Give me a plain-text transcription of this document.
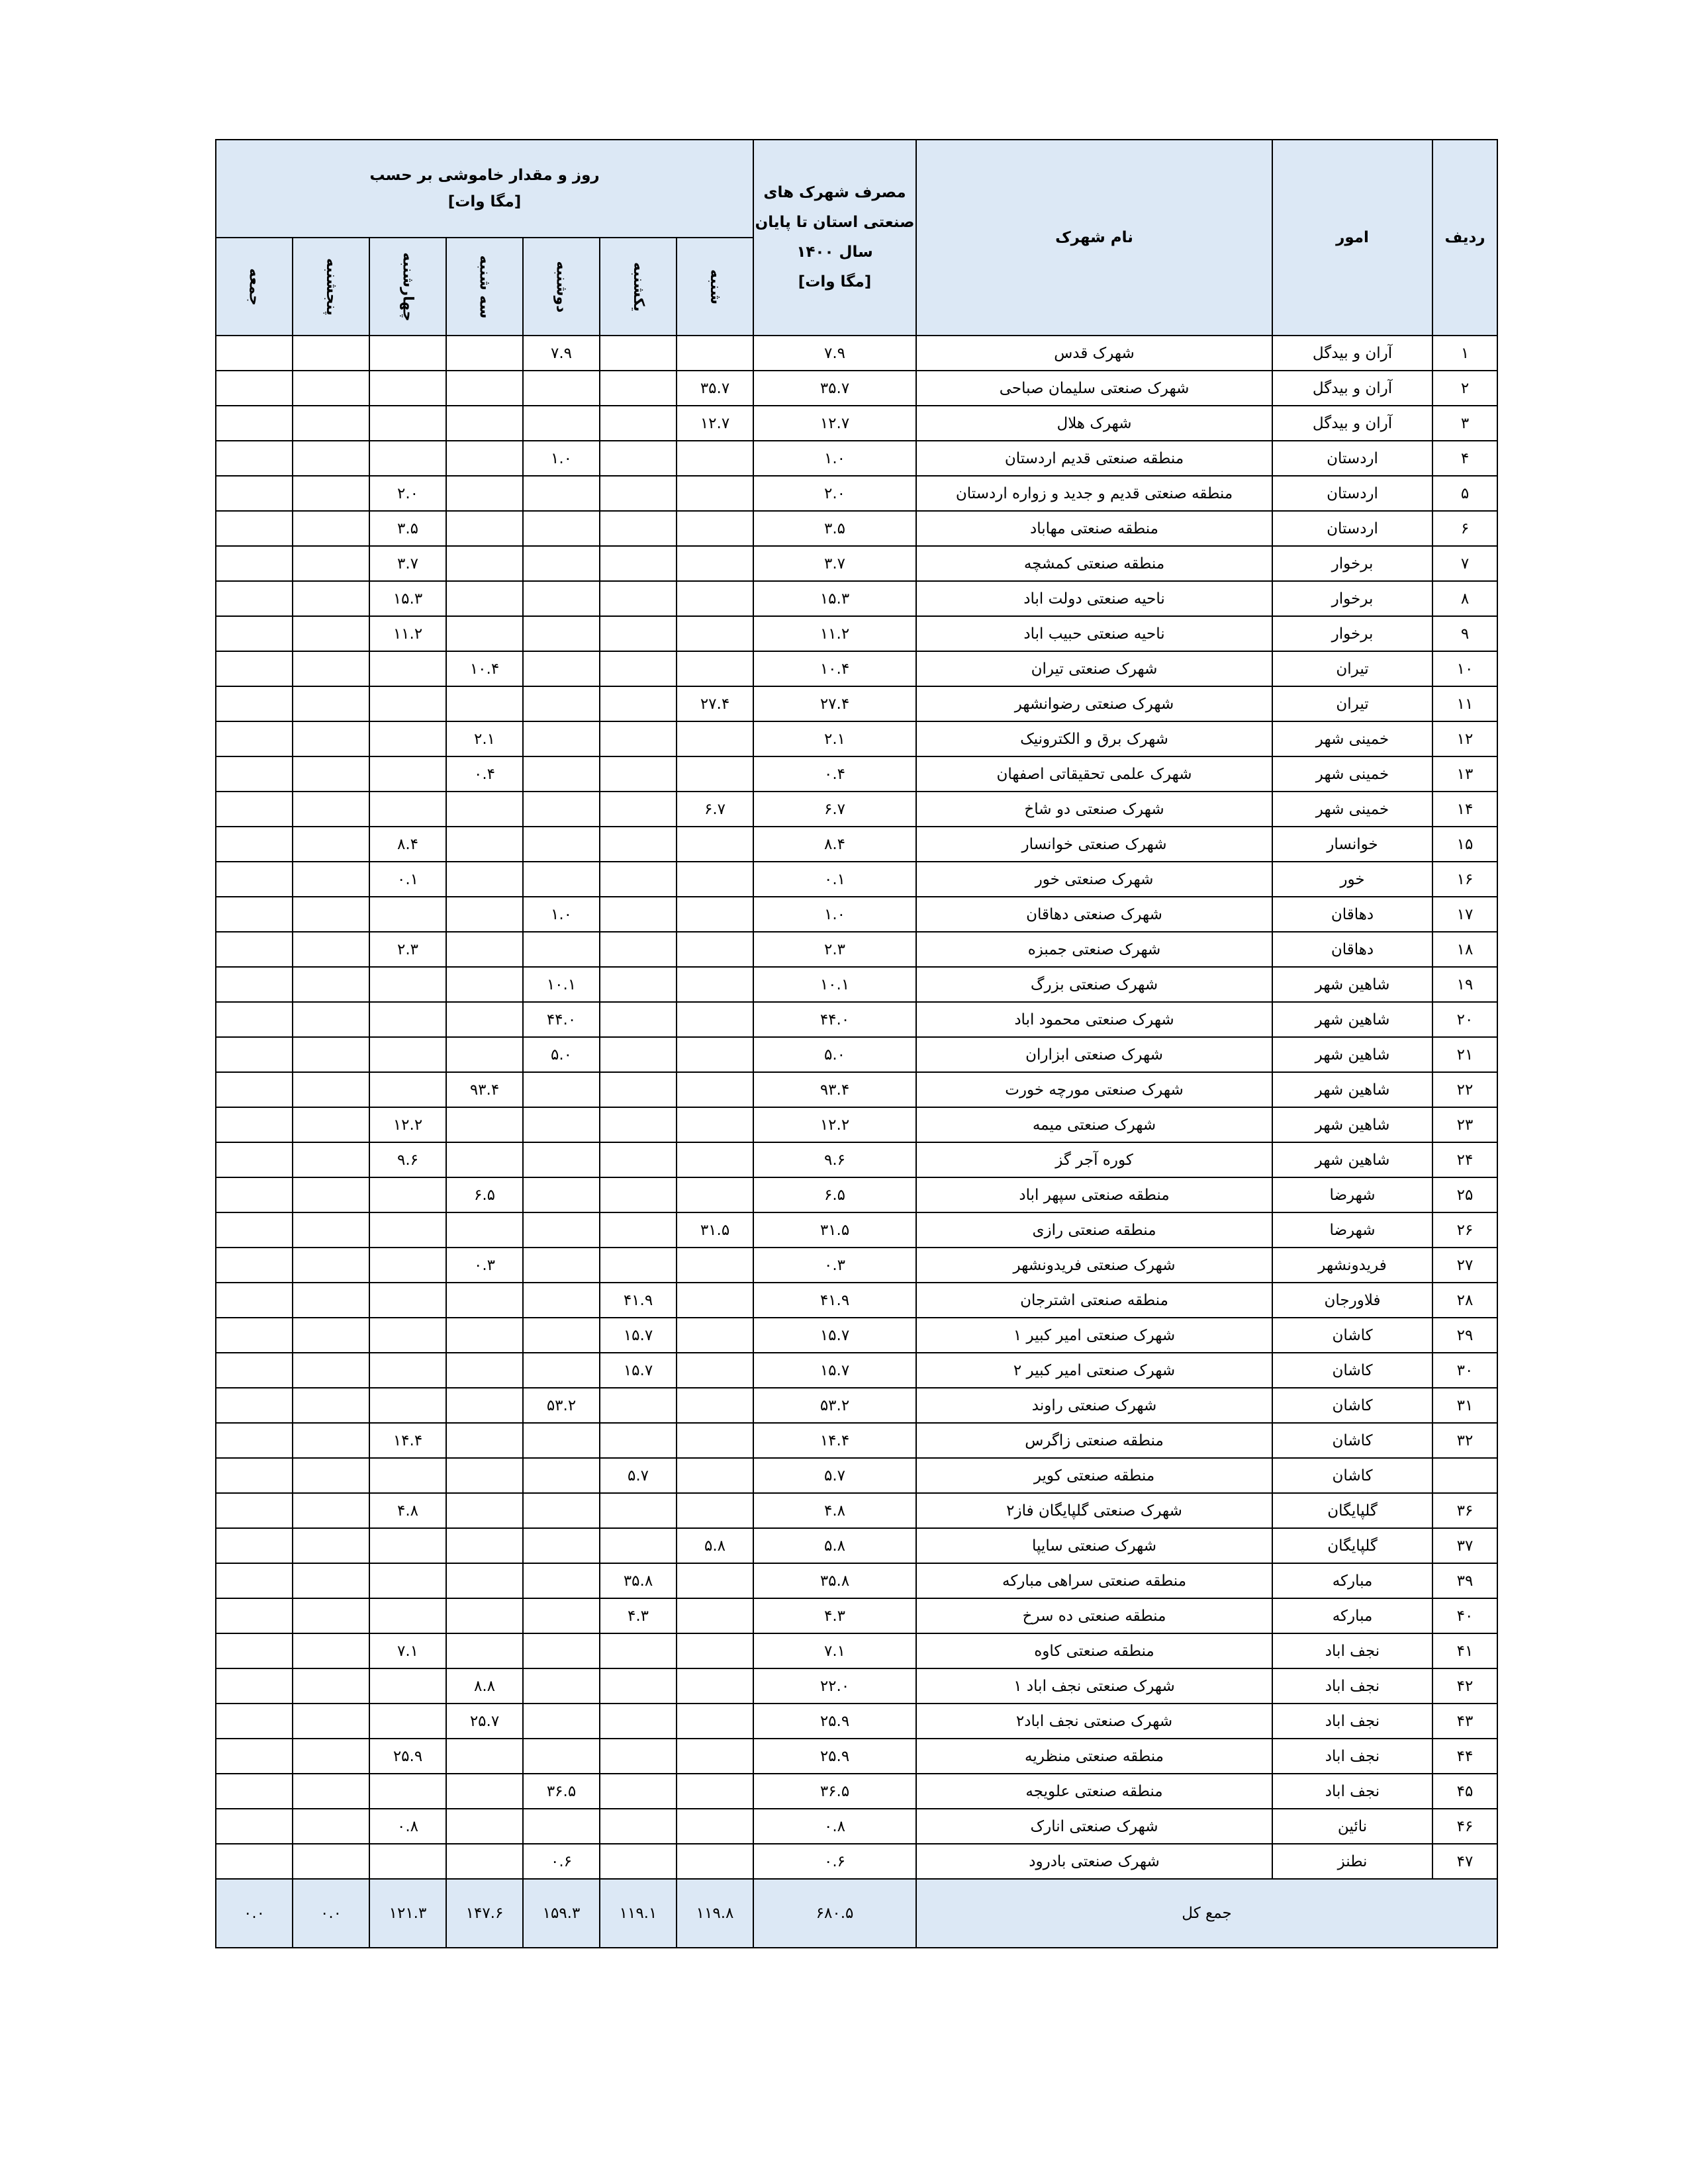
روز و مقدار خاموشی بر حسب
[مگا وات]							مصرف شهرک های
صنعتی استان تا پایان
سال ۱۴۰۰
[مگا وات]	نام شهرک	امور	ردیف
جمعه	پنجشنبه	چهارشنبه	سه شنبه	دوشنبه	یکشنبه	شنبه				
				۷.۹			۷.۹	شهرک قدس	آران و بیدگل	۱
						۳۵.۷	۳۵.۷	شهرک صنعتی سلیمان صباحی	آران و بیدگل	۲
						۱۲.۷	۱۲.۷	شهرک هلال	آران و بیدگل	۳
				۱.۰			۱.۰	منطقه صنعتی قدیم اردستان	اردستان	۴
		۲.۰					۲.۰	منطقه صنعتی قدیم و جدید و زواره اردستان	اردستان	۵
		۳.۵					۳.۵	منطقه صنعتی مهاباد	اردستان	۶
		۳.۷					۳.۷	منطقه صنعتی کمشچه	برخوار	۷
		۱۵.۳					۱۵.۳	ناحیه صنعتی دولت اباد	برخوار	۸
		۱۱.۲					۱۱.۲	ناحیه صنعتی حبیب اباد	برخوار	۹
			۱۰.۴				۱۰.۴	شهرک صنعتی تیران	تیران	۱۰
						۲۷.۴	۲۷.۴	شهرک صنعتی رضوانشهر	تیران	۱۱
			۲.۱				۲.۱	شهرک برق و الکترونیک	خمینی شهر	۱۲
			۰.۴				۰.۴	شهرک علمی تحقیقاتی اصفهان	خمینی شهر	۱۳
						۶.۷	۶.۷	شهرک صنعتی دو شاخ	خمینی شهر	۱۴
		۸.۴					۸.۴	شهرک صنعتی خوانسار	خوانسار	۱۵
		۰.۱					۰.۱	شهرک صنعتی خور	خور	۱۶
				۱.۰			۱.۰	شهرک صنعتی دهاقان	دهاقان	۱۷
		۲.۳					۲.۳	شهرک صنعتی جمبزه	دهاقان	۱۸
				۱۰.۱			۱۰.۱	شهرک صنعتی بزرگ	شاهین شهر	۱۹
				۴۴.۰			۴۴.۰	شهرک صنعتی محمود اباد	شاهین شهر	۲۰
				۵.۰			۵.۰	شهرک صنعتی ابزاران	شاهین شهر	۲۱
			۹۳.۴				۹۳.۴	شهرک صنعتی مورچه خورت	شاهین شهر	۲۲
		۱۲.۲					۱۲.۲	شهرک صنعتی میمه	شاهین شهر	۲۳
		۹.۶					۹.۶	کوره آجر گز	شاهین شهر	۲۴
			۶.۵				۶.۵	منطقه صنعتی سپهر اباد	شهرضا	۲۵
						۳۱.۵	۳۱.۵	منطقه صنعتی رازی	شهرضا	۲۶
			۰.۳				۰.۳	شهرک صنعتی فریدونشهر	فریدونشهر	۲۷
					۴۱.۹		۴۱.۹	منطقه صنعتی اشترجان	فلاورجان	۲۸
					۱۵.۷		۱۵.۷	شهرک صنعتی امیر کبیر ۱	کاشان	۲۹
					۱۵.۷		۱۵.۷	شهرک صنعتی امیر کبیر ۲	کاشان	۳۰
				۵۳.۲			۵۳.۲	شهرک صنعتی راوند	کاشان	۳۱
		۱۴.۴					۱۴.۴	منطقه صنعتی زاگرس	کاشان	۳۲
					۵.۷		۵.۷	منطقه صنعتی کویر	کاشان	
		۴.۸					۴.۸	شهرک صنعتی گلپایگان فاز۲	گلپایگان	۳۶
						۵.۸	۵.۸	شهرک صنعتی سایپا	گلپایگان	۳۷
					۳۵.۸		۳۵.۸	منطقه صنعتی سراهی مبارکه	مبارکه	۳۹
					۴.۳		۴.۳	منطقه صنعتی ده سرخ	مبارکه	۴۰
		۷.۱					۷.۱	منطقه صنعتی کاوه	نجف اباد	۴۱
			۸.۸				۲۲.۰	شهرک صنعتی نجف اباد ۱	نجف اباد	۴۲
			۲۵.۷				۲۵.۹	شهرک صنعتی نجف اباد۲	نجف اباد	۴۳
		۲۵.۹					۲۵.۹	منطقه صنعتی منظریه	نجف اباد	۴۴
				۳۶.۵			۳۶.۵	منطقه صنعتی علویجه	نجف اباد	۴۵
		۰.۸					۰.۸	شهرک صنعتی انارک	نائین	۴۶
				۰.۶			۰.۶	شهرک صنعتی بادرود	نطنز	۴۷
۰.۰	۰.۰	۱۲۱.۳	۱۴۷.۶	۱۵۹.۳	۱۱۹.۱	۱۱۹.۸	۶۸۰.۵	جمع کل		
